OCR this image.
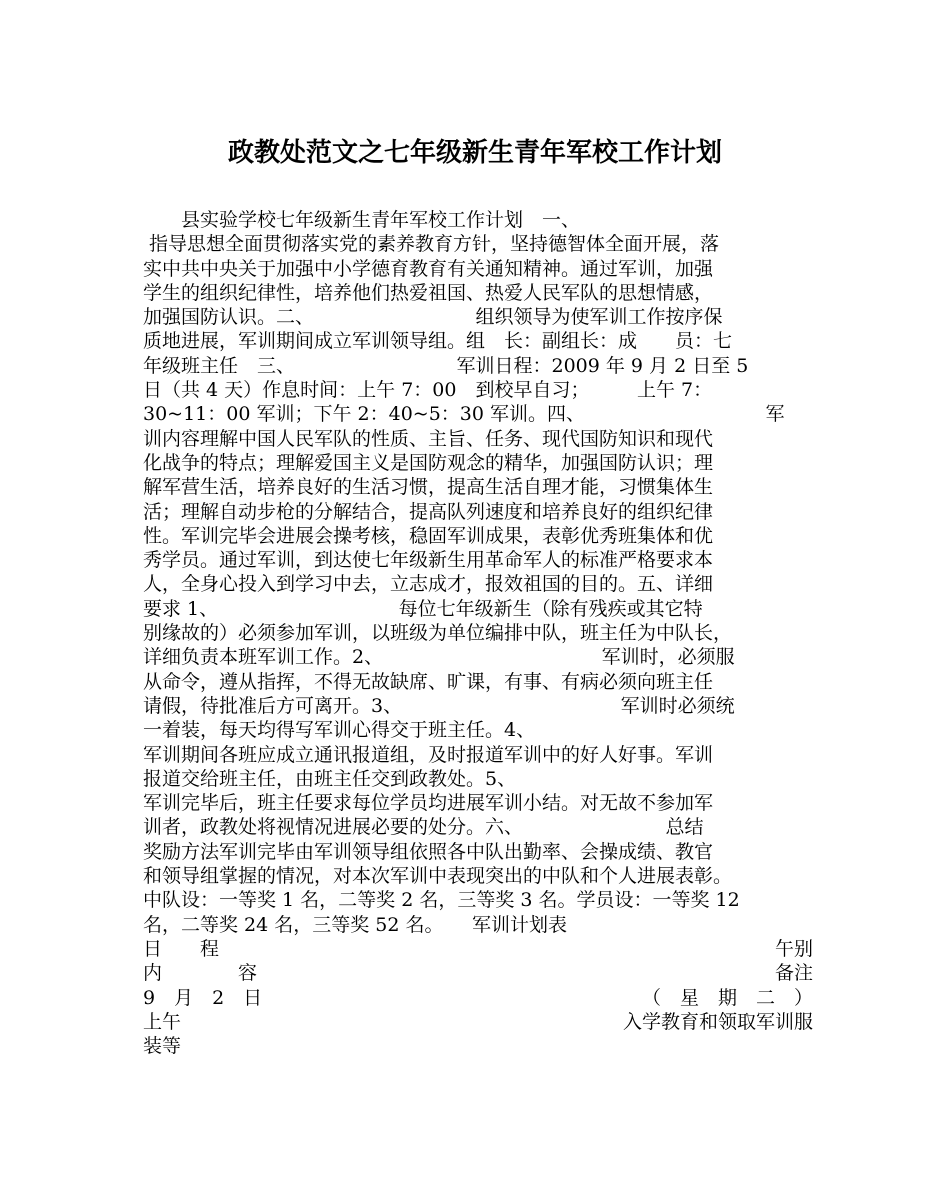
政教处范文之七年级新生青年军校工作计划
　　县实验学校七年级新生青年军校工作计划　一、
指导思想全面贯彻落实党的素养教育方针，坚持德智体全面开展，落
实中共中央关于加强中小学德育教育有关通知精神。通过军训，加强
学生的组织纪律性，培养他们热爱祖国、热爱人民军队的思想情感，
加强国防认识。二、　　　　　　　　　组织领导为使军训工作按序保
质地进展，军训期间成立军训领导组。组　长：副组长：成　　员：七
年级班主任　三、　　　　　　　　　军训日程：2009 年 9 月 2 日至 5
日（共 4 天）作息时间：上午 7：00　到校早自习；　　　上午 7：
30~11：00 军训；下午 2：40~5：30 军训。四、　　　　　　　　　　军
训内容理解中国人民军队的性质、主旨、任务、现代国防知识和现代
化战争的特点；理解爱国主义是国防观念的精华，加强国防认识；理
解军营生活，培养良好的生活习惯，提高生活自理才能，习惯集体生
活；理解自动步枪的分解结合，提高队列速度和培养良好的组织纪律
性。军训完毕会进展会操考核，稳固军训成果，表彰优秀班集体和优
秀学员。通过军训，到达使七年级新生用革命军人的标准严格要求本
人，全身心投入到学习中去，立志成才，报效祖国的目的。五、详细
要求 1、　　　　　　　　　　每位七年级新生（除有残疾或其它特
别缘故的）必须参加军训，以班级为单位编排中队，班主任为中队长，
详细负责本班军训工作。2、　　　　　　　　　　　　军训时，必须服
从命令，遵从指挥，不得无故缺席、旷课，有事、有病必须向班主任
请假，待批准后方可离开。3、　　　　　　　　　　　　军训时必须统
一着装，每天均得写军训心得交于班主任。4、
军训期间各班应成立通讯报道组，及时报道军训中的好人好事。军训
报道交给班主任，由班主任交到政教处。5、
军训完毕后，班主任要求每位学员均进展军训小结。对无故不参加军
训者，政教处将视情况进展必要的处分。六、　　　　　　　　总结
奖励方法军训完毕由军训领导组依照各中队出勤率、会操成绩、教官
和领导组掌握的情况，对本次军训中表现突出的中队和个人进展表彰。
中队设：一等奖 1 名，二等奖 2 名，三等奖 3 名。学员设：一等奖 12
名，二等奖 24 名，三等奖 52 名。　　军训计划表
日　　程	午别
内　　　　容	备注
9　月　2　日	（　星　期　二　）
上午	入学教育和领取军训服
装等
